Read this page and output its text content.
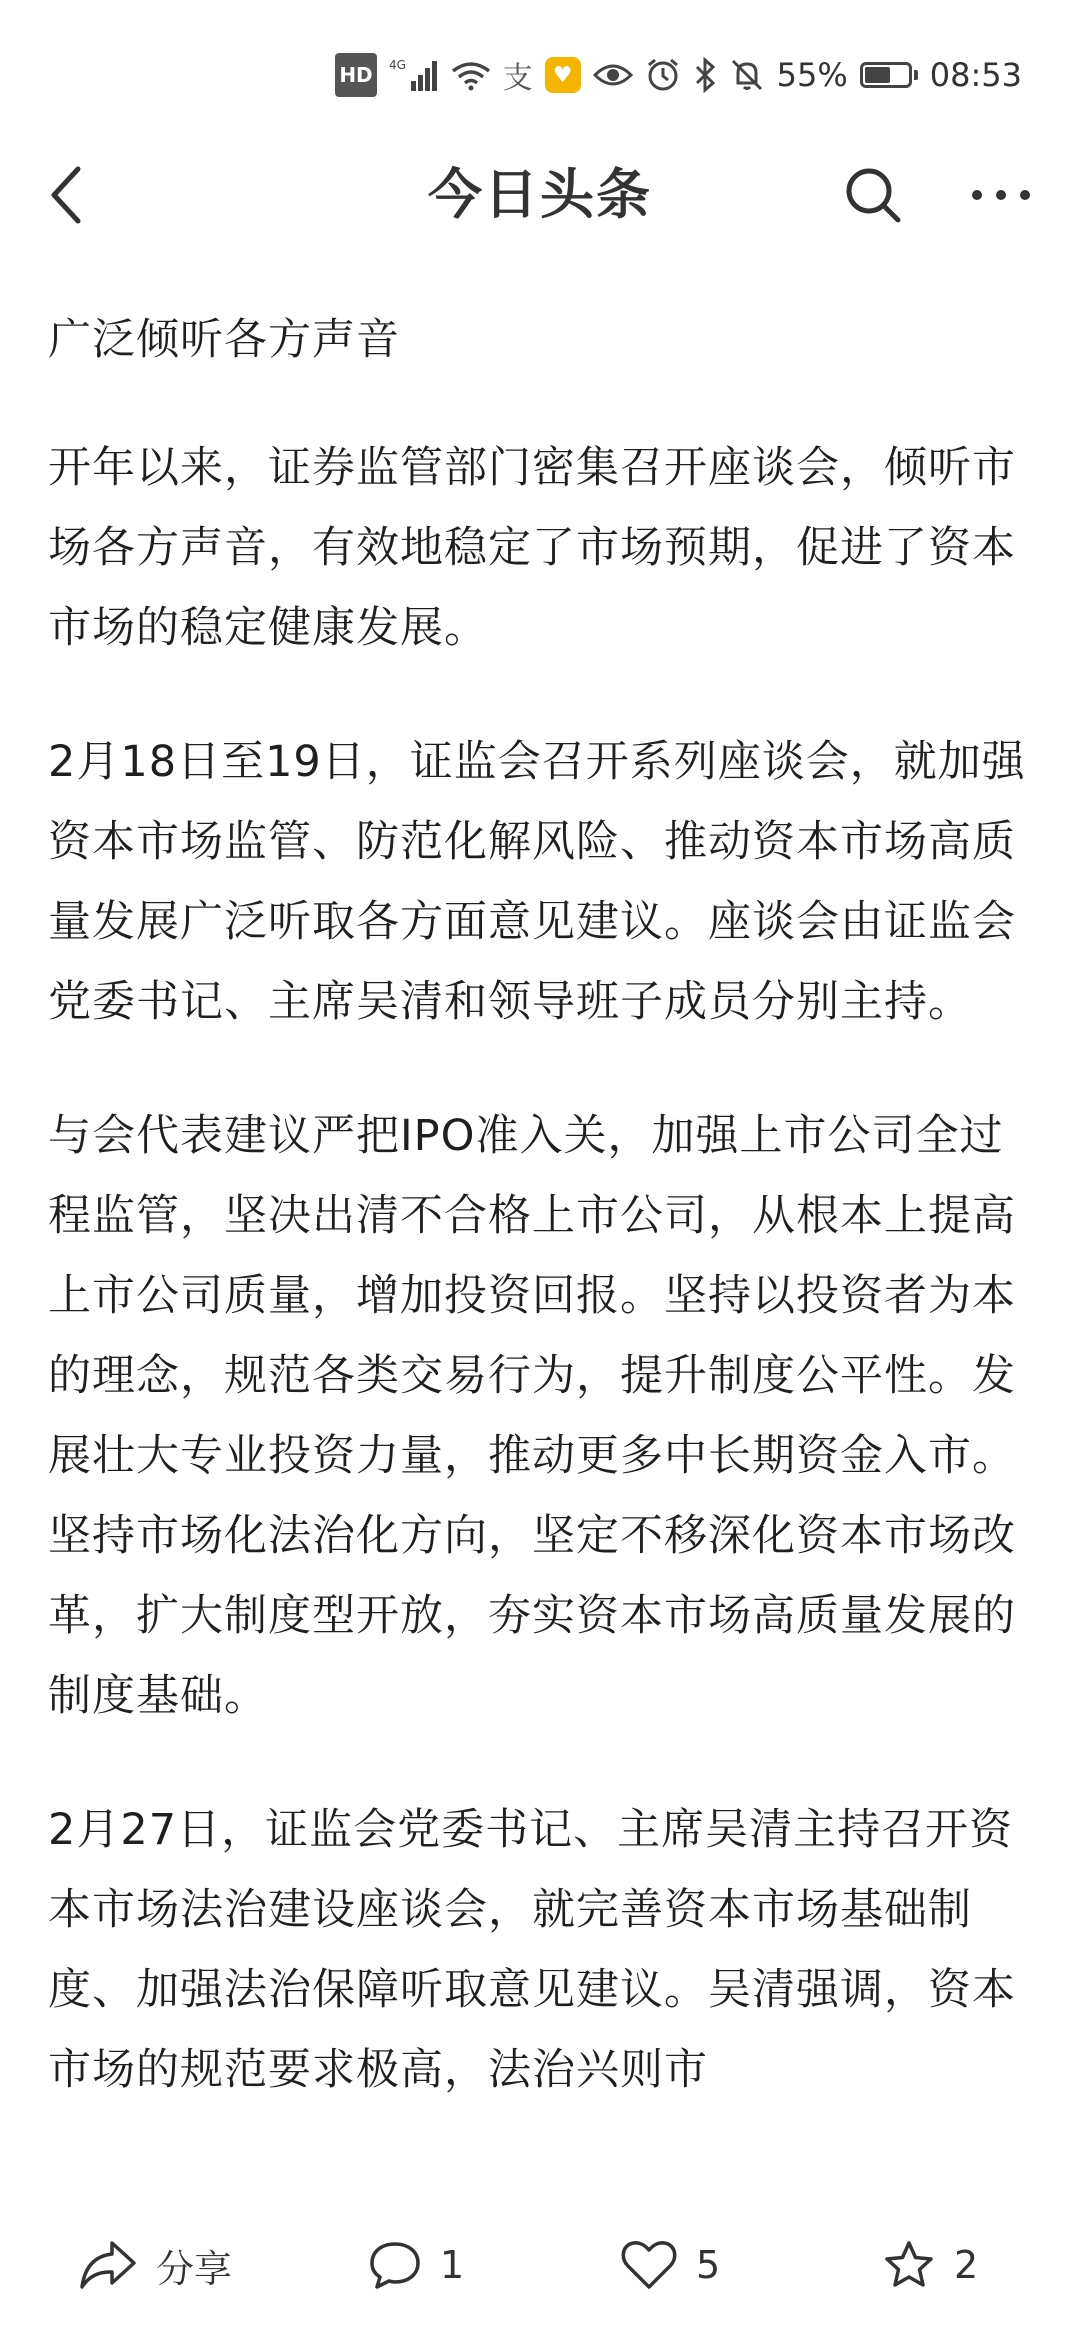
HD	4G	支 ♥	55%	08:53
今日头条

广泛倾听各方声音

开年以来，证券监管部门密集召开座谈会，倾听市场各方声音，有效地稳定了市场预期，促进了资本市场的稳定健康发展。

2月18日至19日，证监会召开系列座谈会，就加强资本市场监管、防范化解风险、推动资本市场高质量发展广泛听取各方面意见建议。座谈会由证监会党委书记、主席吴清和领导班子成员分别主持。

与会代表建议严把IPO准入关，加强上市公司全过程监管，坚决出清不合格上市公司，从根本上提高上市公司质量，增加投资回报。坚持以投资者为本的理念，规范各类交易行为，提升制度公平性。发展壮大专业投资力量，推动更多中长期资金入市。坚持市场化法治化方向，坚定不移深化资本市场改革，扩大制度型开放，夯实资本市场高质量发展的制度基础。

2月27日，证监会党委书记、主席吴清主持召开资本市场法治建设座谈会，就完善资本市场基础制度、加强法治保障听取意见建议。吴清强调，资本市场的规范要求极高，法治兴则市

分享	1	5	2
